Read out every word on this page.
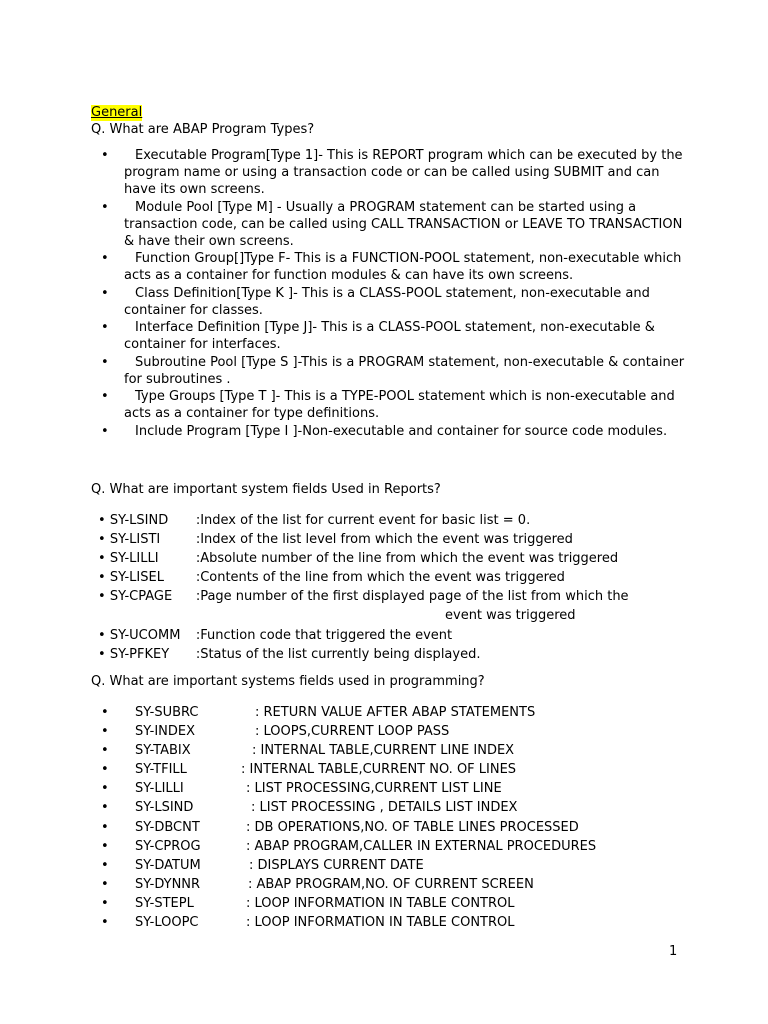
General
Q. What are ABAP Program Types?
•	Executable Program[Type 1]- This is REPORT program which can be executed by the program name or using a transaction code or can be called using SUBMIT and can have its own screens.
•	Module Pool [Type M] - Usually a PROGRAM statement can be started using a transaction code, can be called using CALL TRANSACTION or LEAVE TO TRANSACTION & have their own screens.
•	Function Group[]Type F- This is a FUNCTION-POOL statement, non-executable which acts as a container for function modules & can have its own screens.
•	Class Definition[Type K ]- This is a CLASS-POOL statement, non-executable and container for classes.
•	Interface Definition [Type J]- This is a CLASS-POOL statement, non-executable & container for interfaces.
•	Subroutine Pool [Type S ]-This is a PROGRAM statement, non-executable & container for subroutines .
•	Type Groups [Type T ]- This is a TYPE-POOL statement which is non-executable and acts as a container for type definitions.
•	Include Program [Type I ]-Non-executable and container for source code modules.
Q. What are important system fields Used in Reports?
• SY-LSIND :Index of the list for current event for basic list = 0.
• SY-LISTI	:Index of the list level from which the event was triggered
• SY-LILLI	:Absolute number of the line from which the event was triggered
• SY-LISEL :Contents of the line from which the event was triggered
• SY-CPAGE :Page number of the first displayed page of the list from which the
event was triggered
• SY-UCOMM :Function code that triggered the event
• SY-PFKEY :Status of the list currently being displayed.
Q. What are important systems fields used in programming?
• SY-SUBRC	: RETURN VALUE AFTER ABAP STATEMENTS
• SY-INDEX	: LOOPS,CURRENT LOOP PASS
• SY-TABIX	: INTERNAL TABLE,CURRENT LINE INDEX
• SY-TFILL	: INTERNAL TABLE,CURRENT NO. OF LINES
• SY-LILLI	: LIST PROCESSING,CURRENT LIST LINE
• SY-LSIND	: LIST PROCESSING , DETAILS LIST INDEX
• SY-DBCNT	: DB OPERATIONS,NO. OF TABLE LINES PROCESSED
• SY-CPROG	: ABAP PROGRAM,CALLER IN EXTERNAL PROCEDURES
• SY-DATUM	: DISPLAYS CURRENT DATE
• SY-DYNNR	: ABAP PROGRAM,NO. OF CURRENT SCREEN
• SY-STEPL	: LOOP INFORMATION IN TABLE CONTROL
• SY-LOOPC	: LOOP INFORMATION IN TABLE CONTROL
1
